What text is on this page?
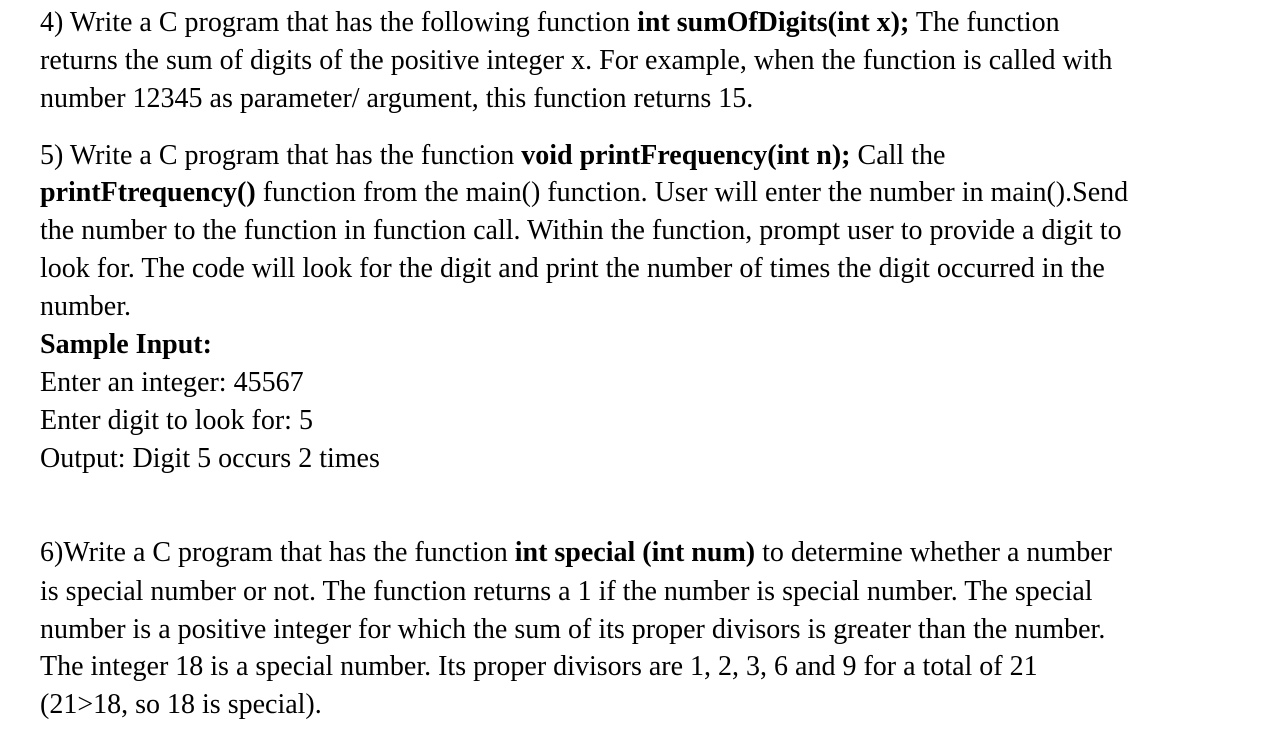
4) Write a C program that has the following function int sumOfDigits(int x); The function
returns the sum of digits of the positive integer x. For example, when the function is called with
number 12345 as parameter/ argument, this function returns 15.
5) Write a C program that has the function void printFrequency(int n); Call the
printFtrequency() function from the main() function. User will enter the number in main().Send
the number to the function in function call. Within the function, prompt user to provide a digit to
look for. The code will look for the digit and print the number of times the digit occurred in the
number.
Sample Input:
Enter an integer: 45567
Enter digit to look for: 5
Output: Digit 5 occurs 2 times
6)Write a C program that has the function int special (int num) to determine whether a number
is special number or not. The function returns a 1 if the number is special number. The special
number is a positive integer for which the sum of its proper divisors is greater than the number.
The integer 18 is a special number. Its proper divisors are 1, 2, 3, 6 and 9 for a total of 21
(21>18, so 18 is special).
